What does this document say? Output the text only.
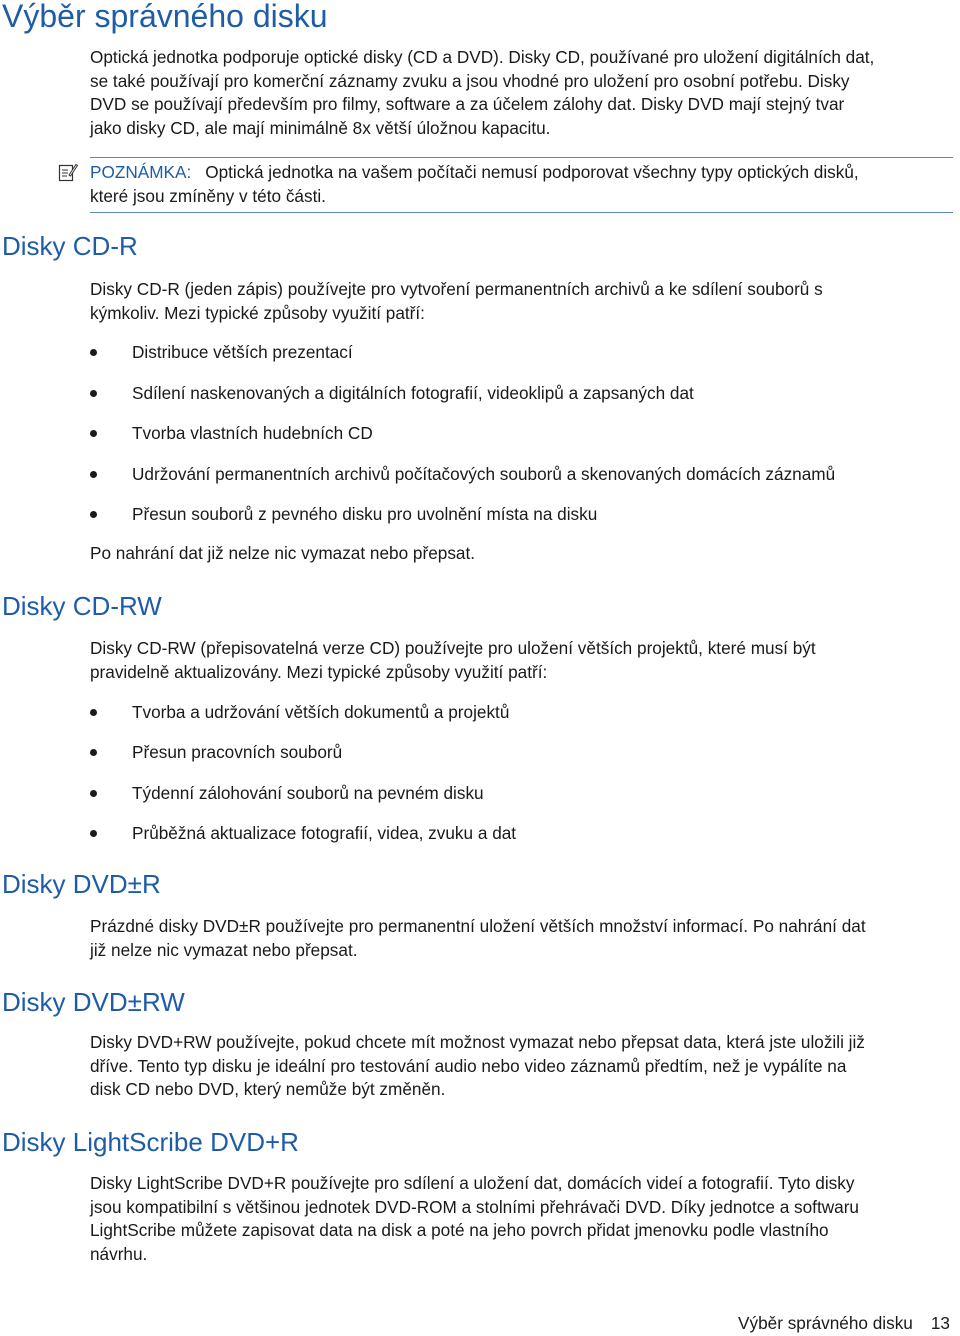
Výběr správného disku

Optická jednotka podporuje optické disky (CD a DVD). Disky CD, používané pro uložení digitálních dat,
se také používají pro komerční záznamy zvuku a jsou vhodné pro uložení pro osobní potřebu. Disky
DVD se používají především pro filmy, software a za účelem zálohy dat. Disky DVD mají stejný tvar
jako disky CD, ale mají minimálně 8x větší úložnou kapacitu.

POZNÁMKA: Optická jednotka na vašem počítači nemusí podporovat všechny typy optických disků,
které jsou zmíněny v této části.
Disky CD-R

Disky CD-R (jeden zápis) používejte pro vytvoření permanentních archivů a ke sdílení souborů s
kýmkoliv. Mezi typické způsoby využití patří:

Distribuce větších prezentací
Sdílení naskenovaných a digitálních fotografií, videoklipů a zapsaných dat
Tvorba vlastních hudebních CD
Udržování permanentních archivů počítačových souborů a skenovaných domácích záznamů
Přesun souborů z pevného disku pro uvolnění místa na disku

Po nahrání dat již nelze nic vymazat nebo přepsat.

Disky CD-RW

Disky CD-RW (přepisovatelná verze CD) používejte pro uložení větších projektů, které musí být
pravidelně aktualizovány. Mezi typické způsoby využití patří:

Tvorba a udržování větších dokumentů a projektů
Přesun pracovních souborů
Týdenní zálohování souborů na pevném disku
Průběžná aktualizace fotografií, videa, zvuku a dat
Disky DVD±R

Prázdné disky DVD±R používejte pro permanentní uložení větších množství informací. Po nahrání dat
již nelze nic vymazat nebo přepsat.

Disky DVD±RW

Disky DVD+RW používejte, pokud chcete mít možnost vymazat nebo přepsat data, která jste uložili již
dříve. Tento typ disku je ideální pro testování audio nebo video záznamů předtím, než je vypálíte na
disk CD nebo DVD, který nemůže být změněn.

Disky LightScribe DVD+R

Disky LightScribe DVD+R používejte pro sdílení a uložení dat, domácích videí a fotografií. Tyto disky
jsou kompatibilní s většinou jednotek DVD-ROM a stolními přehrávači DVD. Díky jednotce a softwaru
LightScribe můžete zapisovat data na disk a poté na jeho povrch přidat jmenovku podle vlastního
návrhu.

Výběr správného disku 13
